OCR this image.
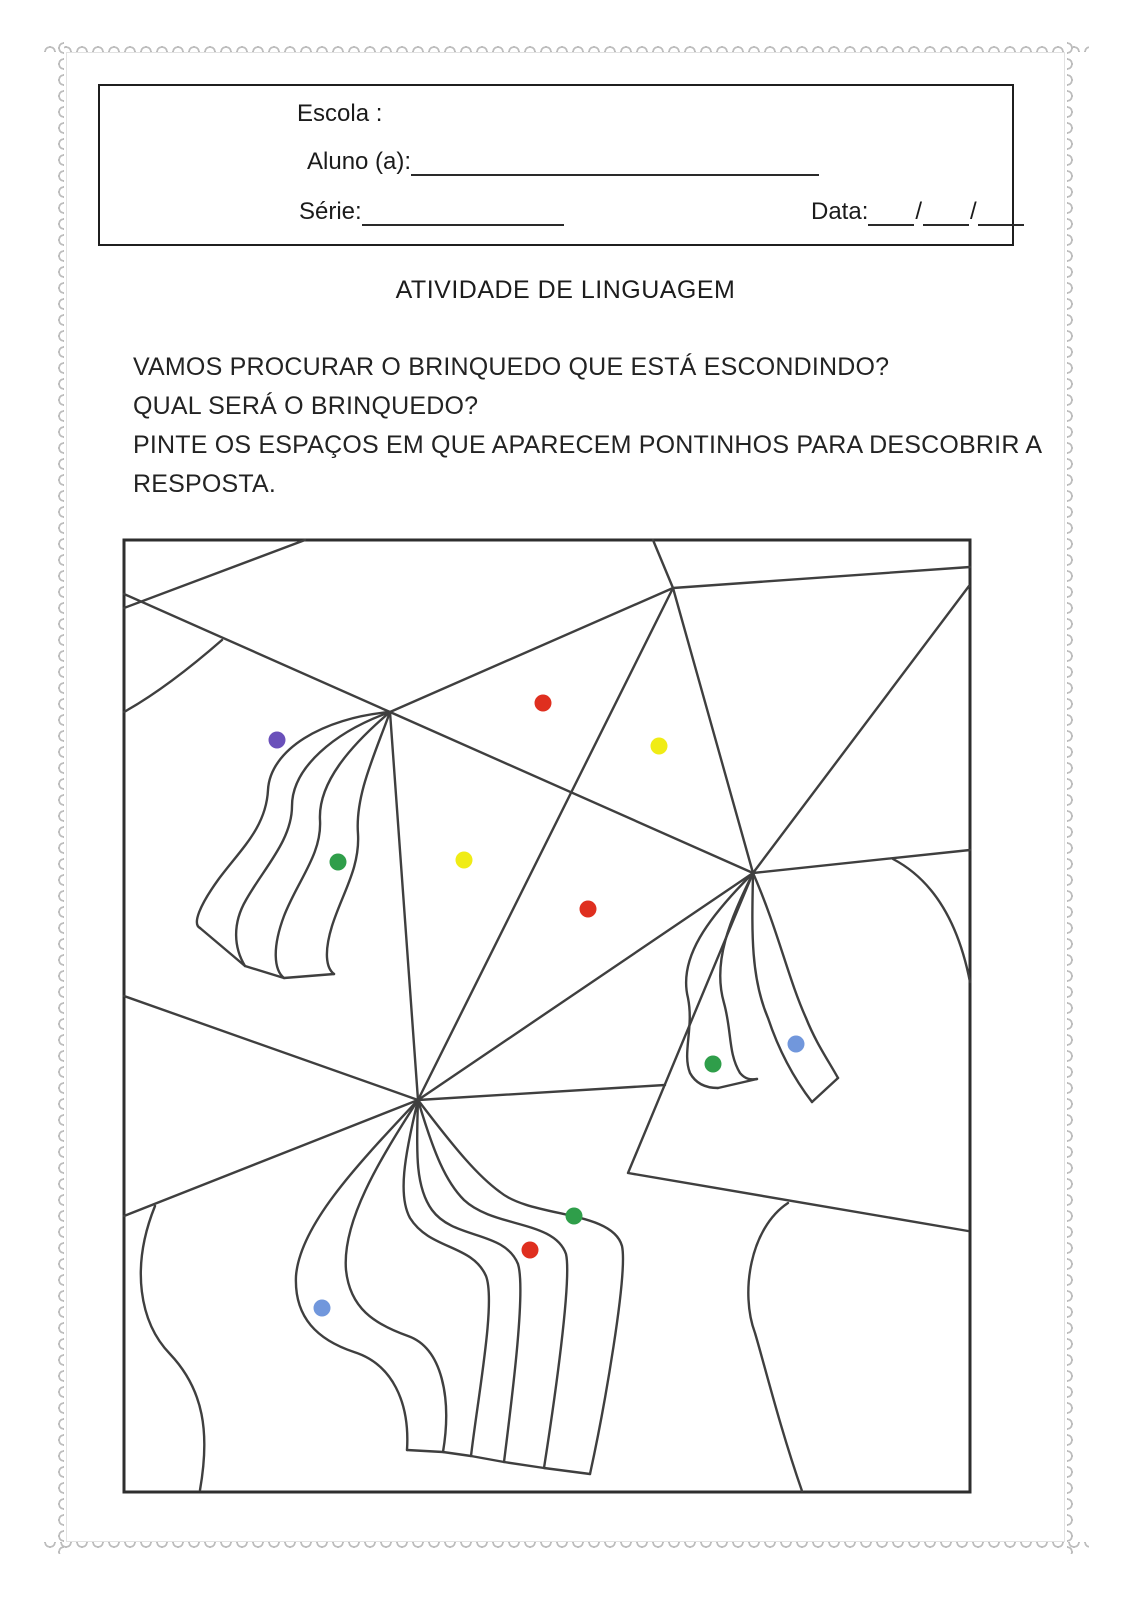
Escola :
Aluno (a):
Série:	Data: / /
ATIVIDADE DE LINGUAGEM
VAMOS PROCURAR O BRINQUEDO QUE ESTÁ ESCONDINDO?
QUAL SERÁ O BRINQUEDO?
PINTE OS ESPAÇOS EM QUE APARECEM PONTINHOS PARA DESCOBRIR A
RESPOSTA.
